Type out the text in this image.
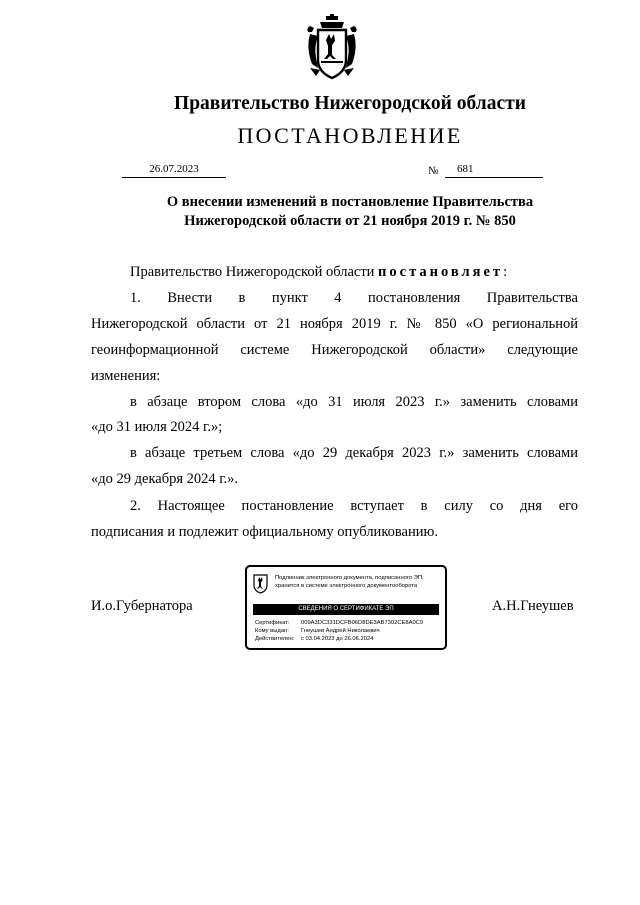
Правительство Нижегородской области
ПОСТАНОВЛЕНИЕ
26.07.2023	№	681
О внесении изменений в постановление Правительства
Нижегородской области от 21 ноября 2019 г. № 850
Правительство Нижегородской области постановляет:
1. Внести в пункт 4 постановления Правительства
Нижегородской области от 21 ноября 2019 г. № 850 «О региональной
геоинформационной системе Нижегородской области» следующие
изменения:
в абзаце втором слова «до 31 июля 2023 г.» заменить словами
«до 31 июля 2024 г.»;
в абзаце третьем слова «до 29 декабря 2023 г.» заменить словами
«до 29 декабря 2024 г.».
2. Настоящее постановление вступает в силу со дня его
подписания и подлежит официальному опубликованию.
И.о.Губернатора	А.Н.Гнеушев
Подлинник электронного документа, подписанного ЭП,
хранится в системе электронного документооборота
СВЕДЕНИЯ О СЕРТИФИКАТЕ ЭП
Сертификат: 009A3DC331DCFB06D8DE3AB7302CE8A0C9
Кому выдан: Гнеушев Андрей Николаевич
Действителен: с 03.04.2023 до 26.06.2024
